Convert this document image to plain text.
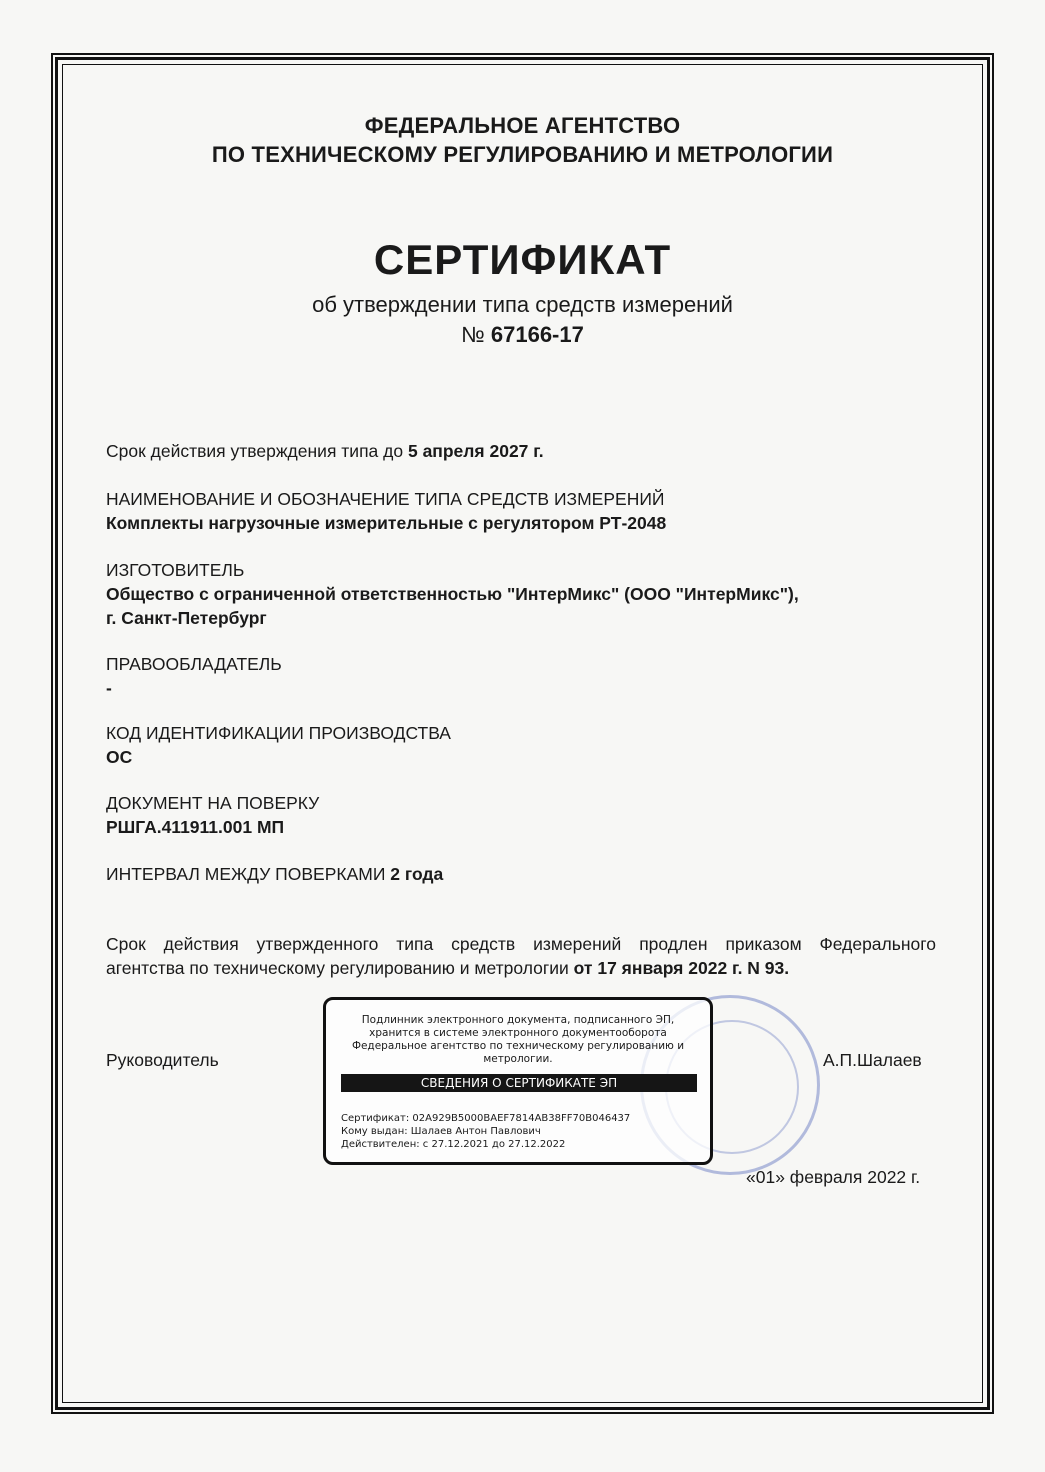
ФЕДЕРАЛЬНОЕ АГЕНТСТВО
ПО ТЕХНИЧЕСКОМУ РЕГУЛИРОВАНИЮ И МЕТРОЛОГИИ
СЕРТИФИКАТ
об утверждении типа средств измерений
№ 67166-17
Срок действия утверждения типа до 5 апреля 2027 г.
НАИМЕНОВАНИЕ И ОБОЗНАЧЕНИЕ ТИПА СРЕДСТВ ИЗМЕРЕНИЙ
Комплекты нагрузочные измерительные с регулятором РТ-2048
ИЗГОТОВИТЕЛЬ
Общество с ограниченной ответственностью "ИнтерМикс" (ООО "ИнтерМикс"),
г. Санкт-Петербург
ПРАВООБЛАДАТЕЛЬ
-
КОД ИДЕНТИФИКАЦИИ ПРОИЗВОДСТВА
ОС
ДОКУМЕНТ НА ПОВЕРКУ
РШГА.411911.001 МП
ИНТЕРВАЛ МЕЖДУ ПОВЕРКАМИ 2 года
Срок действия утвержденного типа средств измерений продлен приказом Федерального
агентства по техническому регулированию и метрологии от 17 января 2022 г. N 93.
Подлинник электронного документа, подписанного ЭП,
хранится в системе электронного документооборота
Федеральное агентство по техническому регулированию и
метрологии.
СВЕДЕНИЯ О СЕРТИФИКАТЕ ЭП
Сертификат: 02A929B5000BAEF7814AB38FF70B046437
Кому выдан: Шалаев Антон Павлович
Действителен: с 27.12.2021 до 27.12.2022
Руководитель	А.П.Шалаев
«01» февраля 2022 г.
